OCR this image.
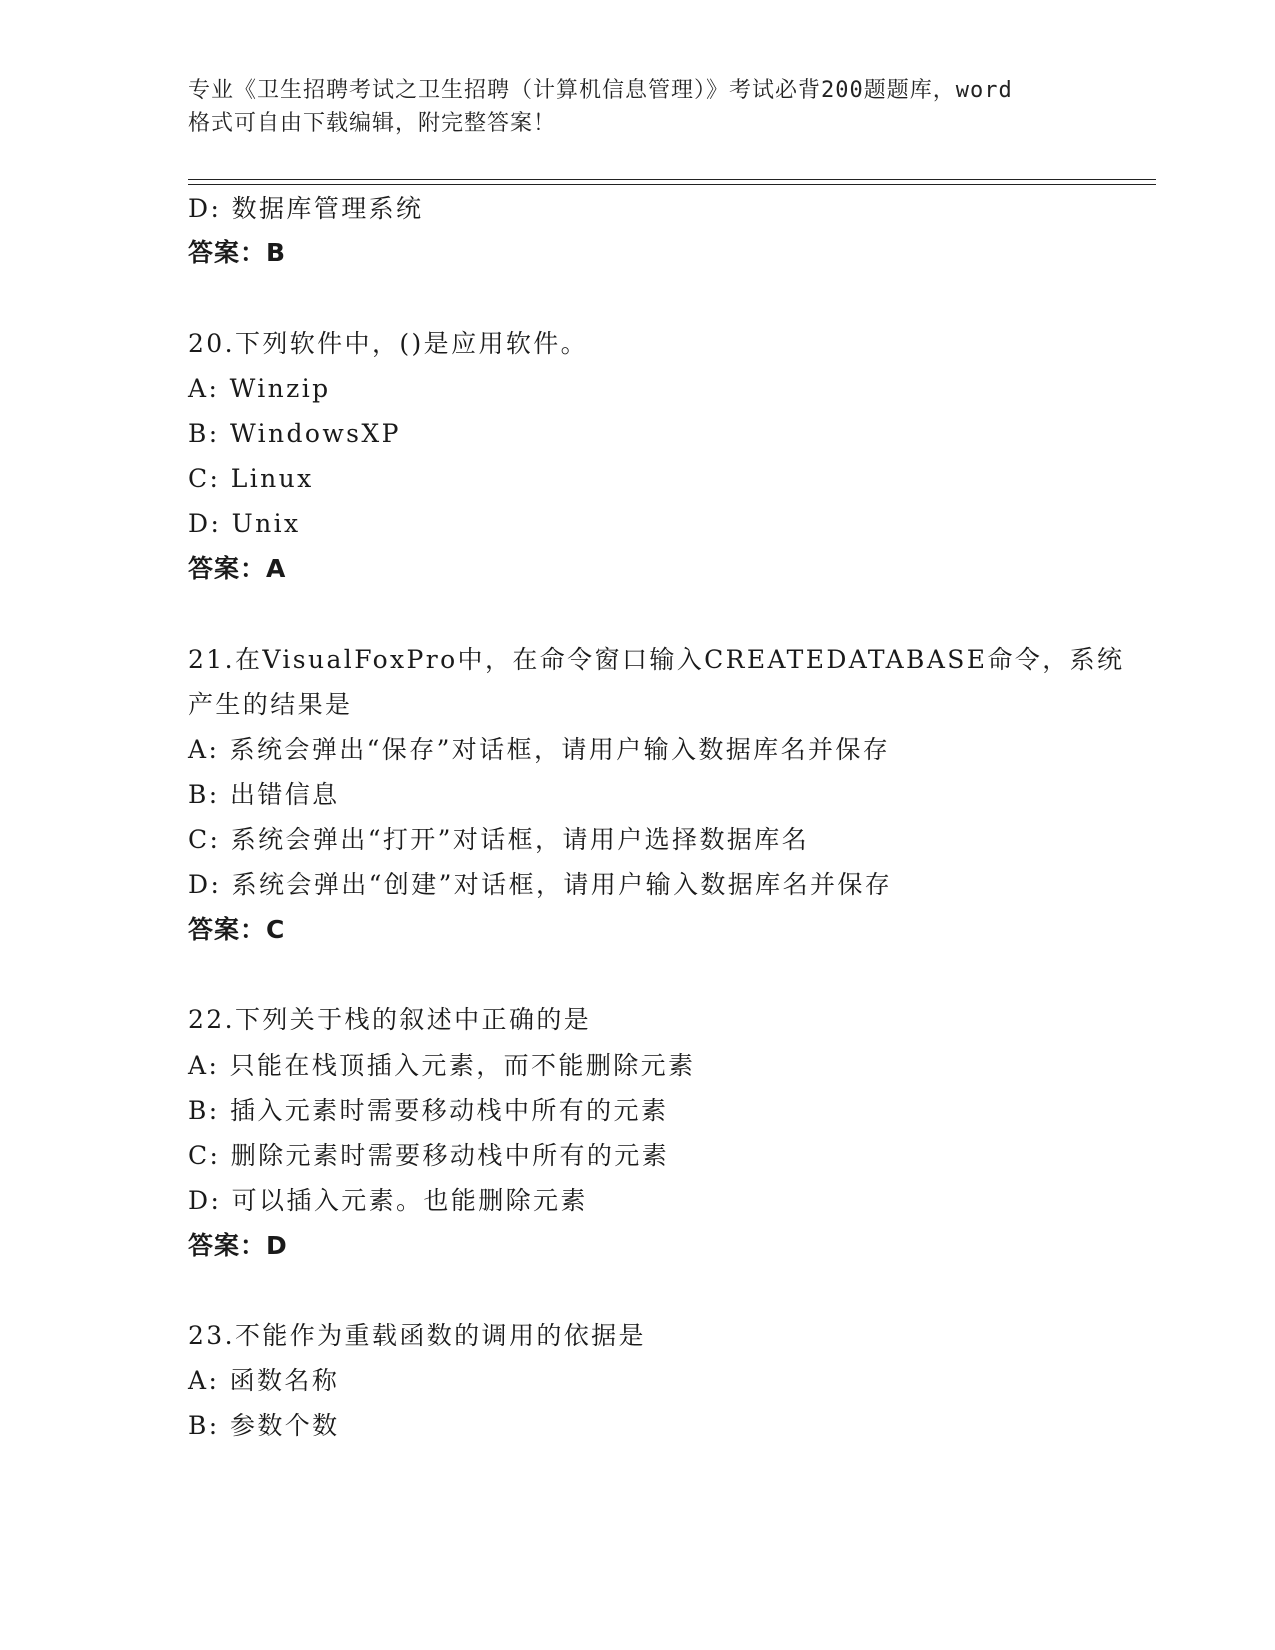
专业《卫生招聘考试之卫生招聘（计算机信息管理）》考试必背200题题库，word
格式可自由下载编辑，附完整答案！
D: 数据库管理系统
答案：B
20.下列软件中，()是应用软件。
A: Winzip
B: WindowsXP
C: Linux
D: Unix
答案：A
21.在VisualFoxPro中，在命令窗口输入CREATEDATABASE命令，系统
产生的结果是
A: 系统会弹出“保存”对话框，请用户输入数据库名并保存
B: 出错信息
C: 系统会弹出“打开”对话框，请用户选择数据库名
D: 系统会弹出“创建”对话框，请用户输入数据库名并保存
答案：C
22.下列关于栈的叙述中正确的是
A: 只能在栈顶插入元素，而不能删除元素
B: 插入元素时需要移动栈中所有的元素
C: 删除元素时需要移动栈中所有的元素
D: 可以插入元素。也能删除元素
答案：D
23.不能作为重载函数的调用的依据是
A: 函数名称
B: 参数个数
